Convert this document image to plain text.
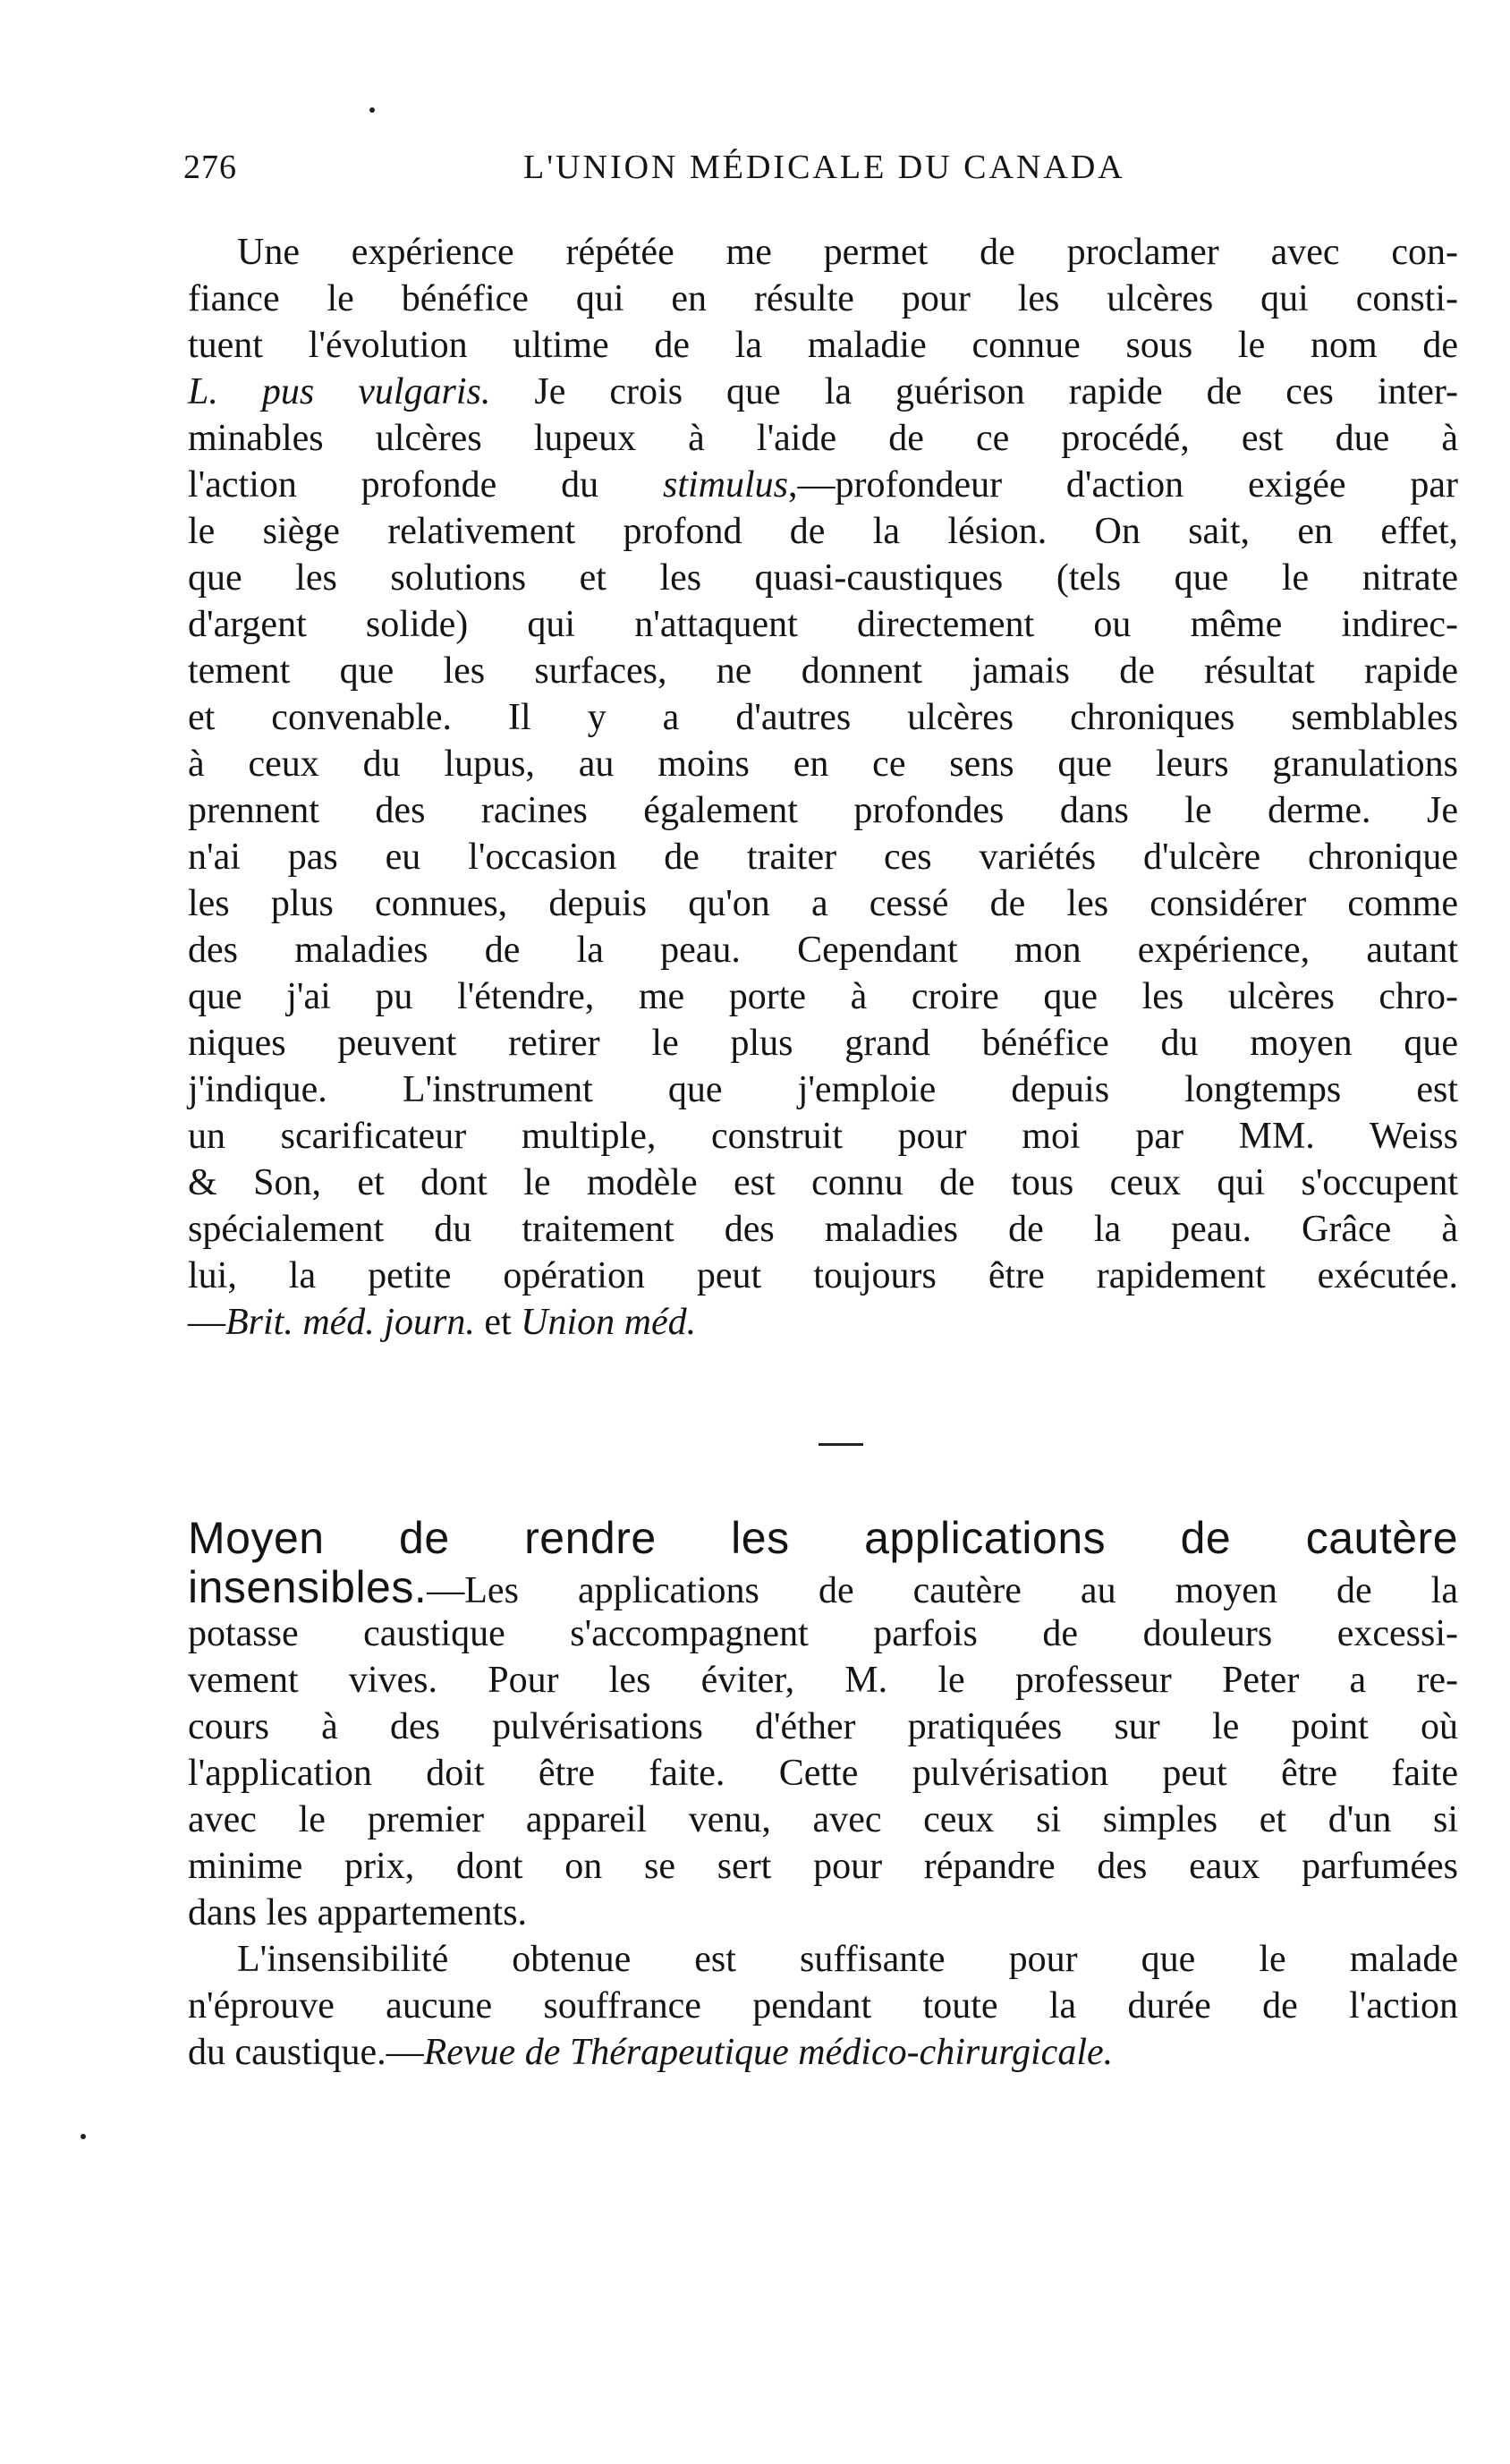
276	L'UNION MÉDICALE DU CANADA
Une expérience répétée me permet de proclamer avec con-
fiance le bénéfice qui en résulte pour les ulcères qui consti-
tuent l'évolution ultime de la maladie connue sous le nom de
L. pus vulgaris. Je crois que la guérison rapide de ces inter-
minables ulcères lupeux à l'aide de ce procédé, est due à
l'action profonde du stimulus,—profondeur d'action exigée par
le siège relativement profond de la lésion. On sait, en effet,
que les solutions et les quasi-caustiques (tels que le nitrate
d'argent solide) qui n'attaquent directement ou même indirec-
tement que les surfaces, ne donnent jamais de résultat rapide
et convenable. Il y a d'autres ulcères chroniques semblables
à ceux du lupus, au moins en ce sens que leurs granulations
prennent des racines également profondes dans le derme. Je
n'ai pas eu l'occasion de traiter ces variétés d'ulcère chronique
les plus connues, depuis qu'on a cessé de les considérer comme
des maladies de la peau. Cependant mon expérience, autant
que j'ai pu l'étendre, me porte à croire que les ulcères chro-
niques peuvent retirer le plus grand bénéfice du moyen que
j'indique. L'instrument que j'emploie depuis longtemps est
un scarificateur multiple, construit pour moi par MM. Weiss
& Son, et dont le modèle est connu de tous ceux qui s'occupent
spécialement du traitement des maladies de la peau. Grâce à
lui, la petite opération peut toujours être rapidement exécutée.
—Brit. méd. journ. et Union méd.
Moyen de rendre les applications de cautère
insensibles.—Les applications de cautère au moyen de la
potasse caustique s'accompagnent parfois de douleurs excessi-
vement vives. Pour les éviter, M. le professeur Peter a re-
cours à des pulvérisations d'éther pratiquées sur le point où
l'application doit être faite. Cette pulvérisation peut être faite
avec le premier appareil venu, avec ceux si simples et d'un si
minime prix, dont on se sert pour répandre des eaux parfumées
dans les appartements.
L'insensibilité obtenue est suffisante pour que le malade
n'éprouve aucune souffrance pendant toute la durée de l'action
du caustique.—Revue de Thérapeutique médico-chirurgicale.
